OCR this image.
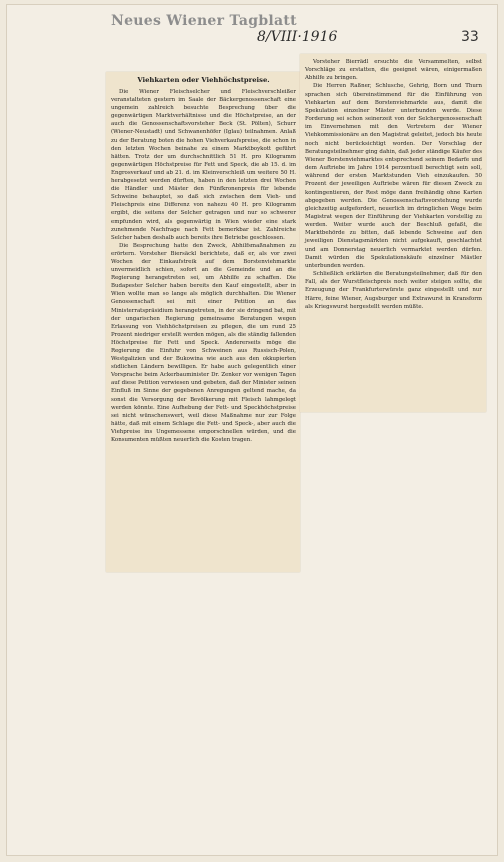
Neues Wiener Tagblatt
8/VIII·1916	33
Viehkarten oder Viehhöchstpreise.

Die Wiener Fleischselcher und Fleischverschleißer veranstalteten gestern im Saale der Bäckergenossenschaft eine ungemein zahlreich besuchte Besprechung über die gegenwärtigen Marktverhältnisse und die Höchstpreise, an der auch die Genossenschaftsvorsteher Beck (St. Pölten), Schurr (Wiener-Neustadt) und Schwanenhöfer (Iglau) teilnahmen. Anlaß zu der Beratung boten die hohen Viehverkaufspreise, die schon in den letzten Wochen beinahe zu einem Marktboykott geführt hätten. Trotz der um durchschnittlich 51 H. pro Kilogramm gegenwärtigen Höchstpreise für Fett und Speck, die ab 15. d. im Engrosverkauf und ab 21. d. im Kleinverschleiß um weitere 50 H. herabgesetzt werden dürften, haben in den letzten drei Wochen die Händler und Mäster den Fünfkronenpreis für lebende Schweine behauptet, so daß sich zwischen dem Vieh- und Fleischpreis eine Differenz von nahezu 40 H. pro Kilogramm ergibt, die seitens der Selcher getragen und nur so schwerer empfunden wird, als gegenwärtig in Wien wieder eine stark zunehmende Nachfrage nach Fett bemerkbar ist. Zahlreiche Selcher haben deshalb auch bereits ihre Betriebe geschlossen.

Die Besprechung hatte den Zweck, Abhilfsmaßnahmen zu erörtern. Vorsteher Biersäckl berichtete, daß er, als vor zwei Wochen der Einkaufstreik auf dem Borstenviehmarkte unvermeidlich schien, sofort an die Gemeinde und an die Regierung herangetreten sei, um Abhilfe zu schaffen. Die Budapester Selcher haben bereits den Kauf eingestellt, aber in Wien wollte man so lange als möglich durchhalten. Die Wiener Genossenschaft sei mit einer Petition an das Ministerratspräsidium herangetreten, in der sie dringend bat, mit der ungarischen Regierung gemeinsame Beratungen wegen Erlassung von Viehhöchstpreisen zu pflegen, die um rund 25 Prozent niedriger erstellt werden mögen, als die ständig fallenden Höchstpreise für Fett und Speck. Andererseits möge die Regierung die Einfuhr von Schweinen aus Russisch-Polen, Westgalizien und der Bukowina wie auch aus den okkupierten südlichen Ländern bewilligen. Er habe auch gelegentlich einer Vorsprache beim Ackerbauminister Dr. Zenker vor wenigen Tagen auf diese Petition verwiesen und gebeten, daß der Minister seinen Einfluß im Sinne der gegebenen Anregungen geltend mache, da sonst die Versorgung der Bevölkerung mit Fleisch lahmgelegt werden könnte. Eine Aufhebung der Fett- und Speckhöchstpreise sei nicht wünschenswert, weil diese Maßnahme nur zur Folge hätte, daß mit einem Schlage die Fett- und Speck-, aber auch die Viehpreise ins Ungemessene emporschnellen würden, und die Konsumenten müßten neuerlich die Kosten tragen.

Vorsteher Bierrädl ersuchte die Versammelten, selbst Vorschläge zu erstatten, die geeignet wären, einigermaßen Abhilfe zu bringen.

Die Herren Raßner, Schlusche, Gehrig, Born und Thurn sprachen sich übereinstimmend für die Einführung von Viehkarten auf dem Borstenviehmarkte aus, damit die Spekulation einzelner Mäster unterbunden werde. Diese Forderung sei schon seinerzeit von der Selchergenossenschaft im Einvernehmen mit den Vertretern der Wiener Viehkommissionäre an den Magistrat geleitet, jedoch bis heute noch nicht berücksichtigt worden. Der Vorschlag der Beratungsteilnehmer ging dahin, daß jeder ständige Käufer des Wiener Borstenviehmarktes entsprechend seinem Bedarfe und dem Auftriebe im Jahre 1914 perzentuell berechtigt sein soll, während der ersten Marktstunden Vieh einzukaufen. 50 Prozent der jeweiligen Auftriebe wären für diesen Zweck zu kontingentieren, der Rest möge dann freihändig ohne Karten abgegeben werden. Die Genossenschaftsvorstehung wurde gleichzeitig aufgefordert, neuerlich im dringlichen Wege beim Magistrat wegen der Einführung der Viehkarten vorstellig zu werden. Weiter wurde auch der Beschluß gefaßt, die Marktbehörde zu bitten, daß lebende Schweine auf den jeweiligen Dienstagsmärkten nicht aufgekauft, geschlachtet und am Donnerstag neuerlich vermarktet werden dürfen. Damit würden die Spekulationskäufe einzelner Mästler unterbunden werden.

Schließlich erklärten die Beratungsteilnehmer, daß für den Fall, als der Wurstfleischpreis noch weiter steigen sollte, die Erzeugung der Frankfurterwürste ganz eingestellt und nur Härre, feine Wiener, Augsburger und Extrawurst in Kransform als Kriegswurst hergestellt werden müßte.
